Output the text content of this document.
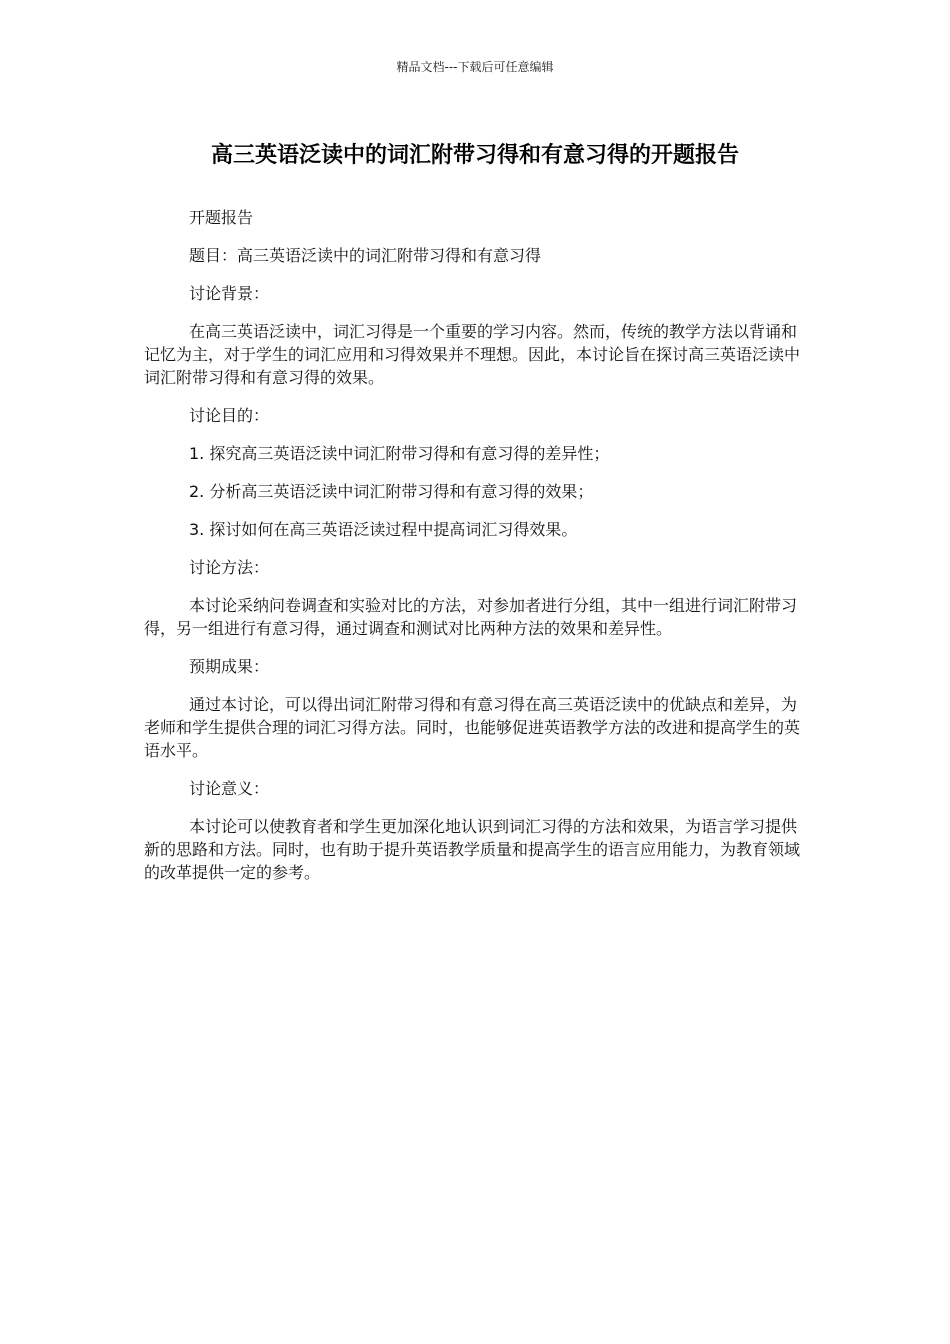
精品文档---下载后可任意编辑
高三英语泛读中的词汇附带习得和有意习得的开题报告

开题报告

题目：高三英语泛读中的词汇附带习得和有意习得

讨论背景：

在高三英语泛读中，词汇习得是一个重要的学习内容。然而，传统的教学方法以背诵和记忆为主，对于学生的词汇应用和习得效果并不理想。因此，本讨论旨在探讨高三英语泛读中词汇附带习得和有意习得的效果。

讨论目的：

1. 探究高三英语泛读中词汇附带习得和有意习得的差异性；

2. 分析高三英语泛读中词汇附带习得和有意习得的效果；

3. 探讨如何在高三英语泛读过程中提高词汇习得效果。

讨论方法：

本讨论采纳问卷调查和实验对比的方法，对参加者进行分组，其中一组进行词汇附带习得，另一组进行有意习得，通过调查和测试对比两种方法的效果和差异性。

预期成果：

通过本讨论，可以得出词汇附带习得和有意习得在高三英语泛读中的优缺点和差异，为老师和学生提供合理的词汇习得方法。同时，也能够促进英语教学方法的改进和提高学生的英语水平。

讨论意义：

本讨论可以使教育者和学生更加深化地认识到词汇习得的方法和效果，为语言学习提供新的思路和方法。同时，也有助于提升英语教学质量和提高学生的语言应用能力，为教育领域的改革提供一定的参考。
